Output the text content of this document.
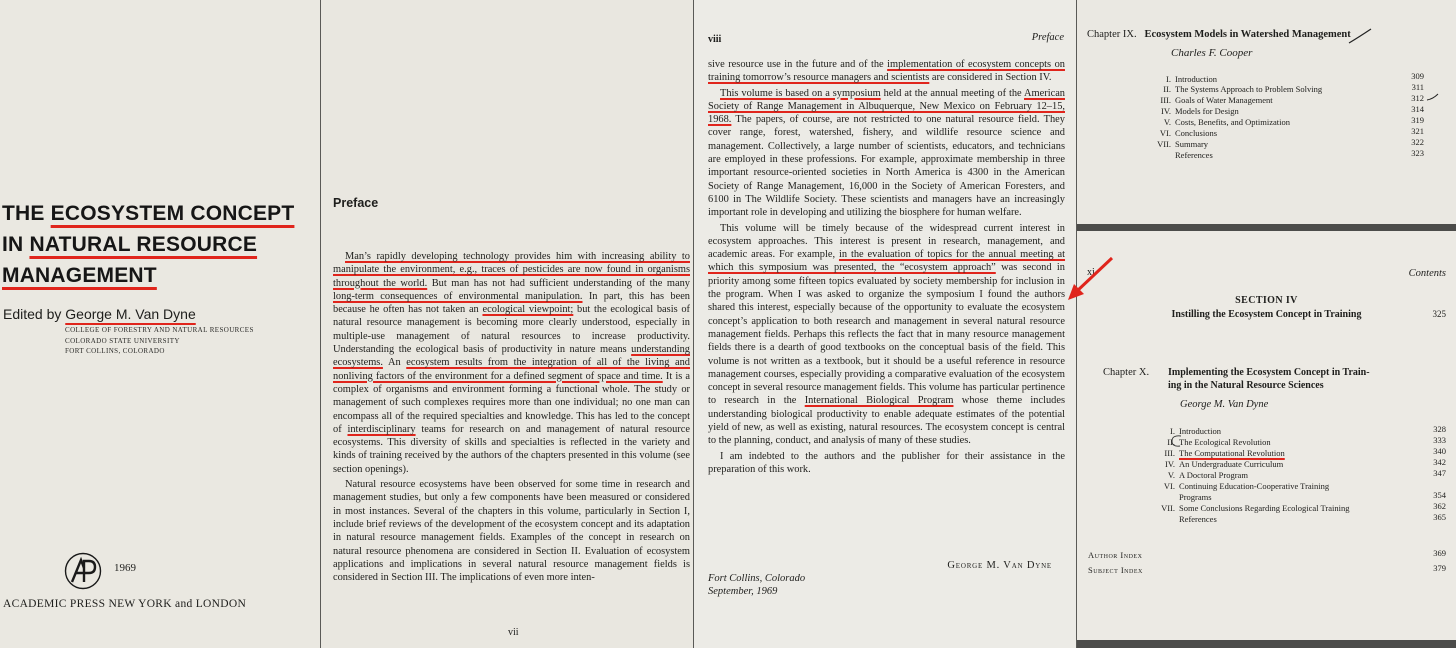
THE ECOSYSTEM CONCEPT
IN NATURAL RESOURCE
MANAGEMENT
Edited by George M. Van Dyne
COLLEGE OF FORESTRY AND NATURAL RESOURCES
COLORADO STATE UNIVERSITY
FORT COLLINS, COLORADO
1969
ACADEMIC PRESS NEW YORK and LONDON
Preface

Man’s rapidly developing technology provides him with increasing ability to manipulate the environment, e.g., traces of pesticides are now found in organisms throughout the world. But man has not had sufficient understanding of the many long-term consequences of environmental manipulation. In part, this has been because he often has not taken an ecological viewpoint; but the ecological basis of natural resource management is becoming more clearly understood, especially in multiple-use management of natural resources to increase productivity. Understanding the ecological basis of productivity in nature means understanding ecosystems. An ecosystem results from the integration of all of the living and nonliving factors of the environment for a defined segment of space and time. It is a complex of organisms and environment forming a functional whole. The study or management of such complexes requires more than one individual; no one man can encompass all of the required specialties and knowledge. This has led to the concept of interdisciplinary teams for research on and management of natural resource ecosystems. This diversity of skills and specialties is reflected in the variety and kinds of training received by the authors of the chapters presented in this volume (see section openings).

Natural resource ecosystems have been observed for some time in research and management studies, but only a few components have been measured or considered in most instances. Several of the chapters in this volume, particularly in Section I, include brief reviews of the development of the ecosystem concept and its adaptation in natural resource management fields. Examples of the concept in research on natural resource phenomena are considered in Section II. Evaluation of ecosystem applications and implications in several natural resource management fields is considered in Section III. The implications of even more inten-

vii
viii	Preface

sive resource use in the future and of the implementation of ecosystem concepts on training tomorrow’s resource managers and scientists are considered in Section IV.

This volume is based on a symposium held at the annual meeting of the American Society of Range Management in Albuquerque, New Mexico on February 12–15, 1968. The papers, of course, are not restricted to one natural resource field. They cover range, forest, watershed, fishery, and wildlife resource science and management. Collectively, a large number of scientists, educators, and technicians are employed in these professions. For example, approximate membership in three important resource-oriented societies in North America is 4300 in the American Society of Range Management, 16,000 in the Society of American Foresters, and 6100 in The Wildlife Society. These scientists and managers have an increasingly important role in developing and utilizing the biosphere for human welfare.

This volume will be timely because of the widespread current interest in ecosystem approaches. This interest is present in research, management, and academic areas. For example, in the evaluation of topics for the annual meeting at which this symposium was presented, the “ecosystem approach” was second in priority among some fifteen topics evaluated by society membership for inclusion in the program. When I was asked to organize the symposium I found the authors shared this interest, especially because of the opportunity to evaluate the ecosystem concept’s application to both research and management in several natural resource management fields. Perhaps this reflects the fact that in many resource management fields there is a dearth of good textbooks on the conceptual basis of the field. This volume is not written as a textbook, but it should be a useful reference in resource management courses, especially providing a comparative evaluation of the ecosystem concept in several resource management fields. This volume has particular pertinence to research in the International Biological Program whose theme includes understanding biological productivity to enable adequate estimates of the potential yield of new, as well as existing, natural resources. The ecosystem concept is central to the planning, conduct, and analysis of many of these studies.

I am indebted to the authors and the publisher for their assistance in the preparation of this work.

George M. Van Dyne
Fort Collins, Colorado
September, 1969
Chapter IX. Ecosystem Models in Watershed Management
Charles F. Cooper
I. Introduction	309
II. The Systems Approach to Problem Solving	311
III. Goals of Water Management	312
IV. Models for Design	314
V. Costs, Benefits, and Optimization	319
VI. Conclusions	321
VII. Summary	322
References	323
xi	Contents
SECTION IV
Instilling the Ecosystem Concept in Training	325
Chapter X. Implementing the Ecosystem Concept in Train-
ing in the Natural Resource Sciences
George M. Van Dyne
I. Introduction	328
II. The Ecological Revolution	333
III. The Computational Revolution	340
IV. An Undergraduate Curriculum	342
V. A Doctoral Program	347
VI. Continuing Education-Cooperative Training
Programs	354
VII. Some Conclusions Regarding Ecological Training	362
References	365
Author Index	369
Subject Index	379
